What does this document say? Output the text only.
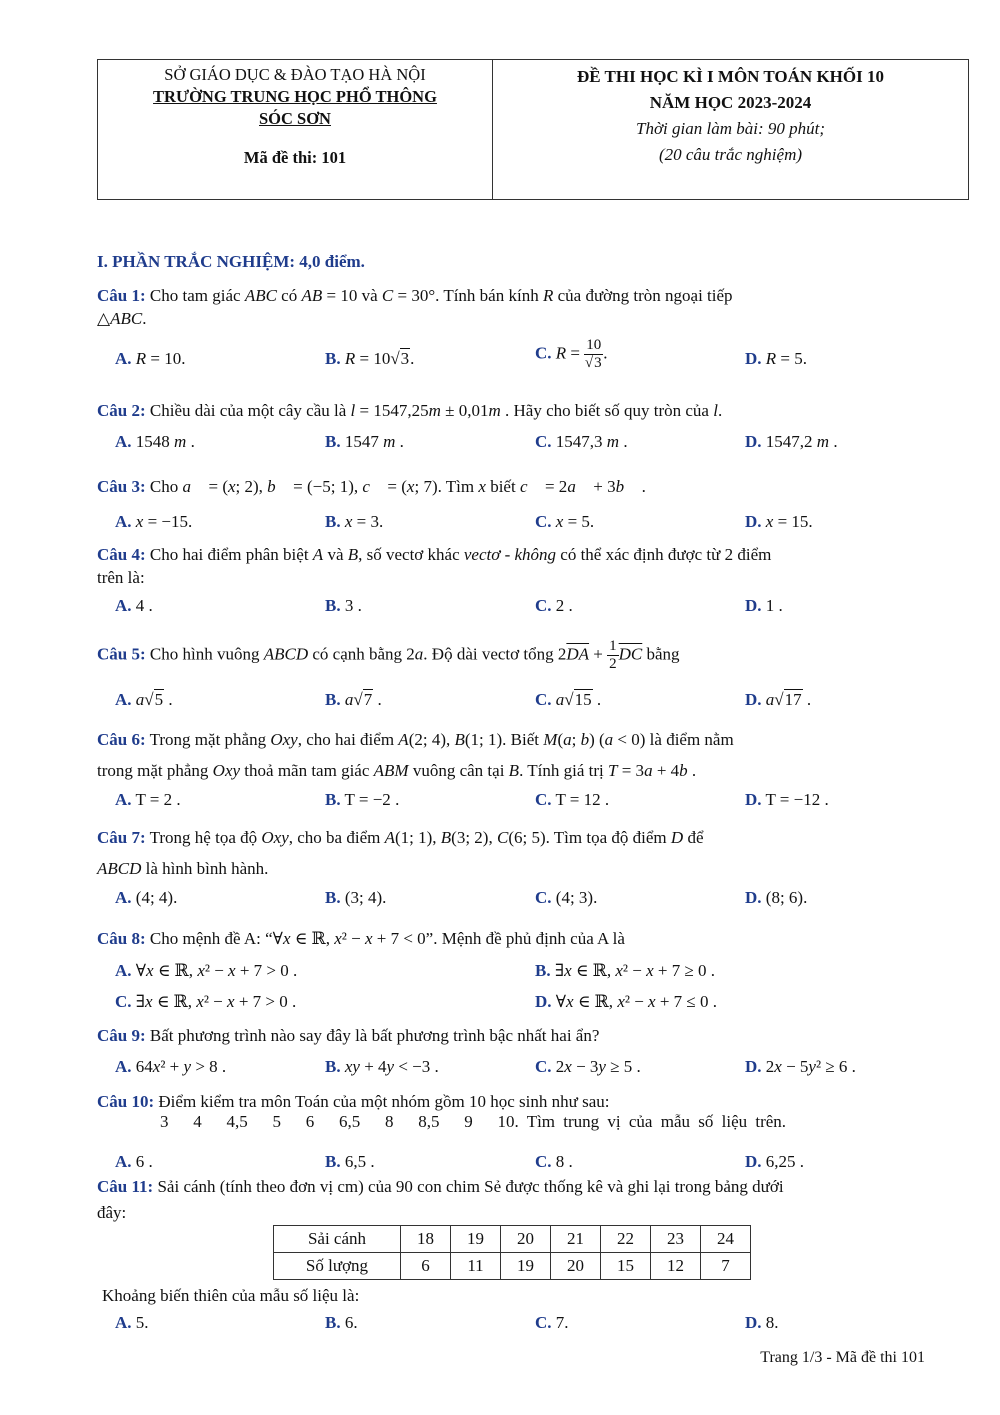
SỞ GIÁO DỤC & ĐÀO TẠO HÀ NỘI
TRƯỜNG TRUNG HỌC PHỔ THÔNG
SÓC SƠN
Mã đề thi: 101
ĐỀ THI HỌC KÌ I MÔN TOÁN KHỐI 10
NĂM HỌC 2023-2024
Thời gian làm bài: 90 phút;
(20 câu trắc nghiệm)
I. PHẦN TRẮC NGHIỆM: 4,0 điểm.
Câu 1: Cho tam giác ABC có AB = 10 và C = 30°. Tính bán kính R của đường tròn ngoại tiếp
△ABC.
A. R = 10.	B. R = 10√3.	C. $R = \frac{10}{√3}$ .	D. R = 5.
Câu 2: Chiều dài của một cây cầu là l = 1547,25m ± 0,01m . Hãy cho biết số quy tròn của l.
A. 1548 m .	B. 1547 m .	C. 1547,3 m .	D. 1547,2 m .
Câu 3: Cho a⃗ = (x; 2), b⃗ = (−5; 1), c⃗ = (x; 7). Tìm x biết c⃗ = 2a⃗ + 3b⃗ .
A. x = −15.	B. x = 3.	C. x = 5.	D. x = 15.
Câu 4: Cho hai điểm phân biệt A và B, số vectơ khác vectơ - không có thể xác định được từ 2 điểm
trên là:
A. 4 .	B. 3 .	C. 2 .	D. 1 .
Câu 5: Cho hình vuông ABCD có cạnh bằng 2a. Độ dài vectơ tổng $2\overline{DA} + \frac{1}{2} \overline{DC}$ bằng
A. a√5 .	B. a√7 .	C. a√15 .	D. a√17 .
Câu 6: Trong mặt phẳng Oxy, cho hai điểm A(2; 4), B(1; 1). Biết M(a; b) (a < 0) là điểm nằm
trong mặt phẳng Oxy thoả mãn tam giác ABM vuông cân tại B. Tính giá trị T = 3a + 4b .
A. T = 2 .	B. T = −2 .	C. T = 12 .	D. T = −12 .
Câu 7: Trong hệ tọa độ Oxy, cho ba điểm A(1; 1), B(3; 2), C(6; 5). Tìm tọa độ điểm D để
ABCD là hình bình hành.
A. (4; 4).	B. (3; 4).	C. (4; 3).	D. (8; 6).
Câu 8: Cho mệnh đề A: “∀x ∈ ℝ, x² − x + 7 < 0”. Mệnh đề phủ định của A là
A. ∀x ∈ ℝ, x² − x + 7 > 0 .	B. ∃x ∈ ℝ, x² − x + 7 ≥ 0 .
C. ∃x ∈ ℝ, x² − x + 7 > 0 .	D. ∀x ∈ ℝ, x² − x + 7 ≤ 0 .
Câu 9: Bất phương trình nào say đây là bất phương trình bậc nhất hai ẩn?
A. 64x² + y > 8 .	B. xy + 4y < −3 .	C. 2x − 3y ≥ 5 .	D. 2x − 5y² ≥ 6 .
Câu 10: Điểm kiểm tra môn Toán của một nhóm gồm 10 học sinh như sau:
3   4   4,5   5   6   6,5   8   8,5   9   10. Tìm trung vị của mẫu số liệu trên.
A. 6 .	B. 6,5 .	C. 8 .	D. 6,25 .
Câu 11: Sải cánh (tính theo đơn vị cm) của 90 con chim Sẻ được thống kê và ghi lại trong bảng dưới
đây:
Sải cánh	18	19	20	21	22	23	24
Số lượng	6	11	19	20	15	12	7
Khoảng biến thiên của mẫu số liệu là:
A. 5.	B. 6.	C. 7.	D. 8.
Trang 1/3 - Mã đề thi 101
